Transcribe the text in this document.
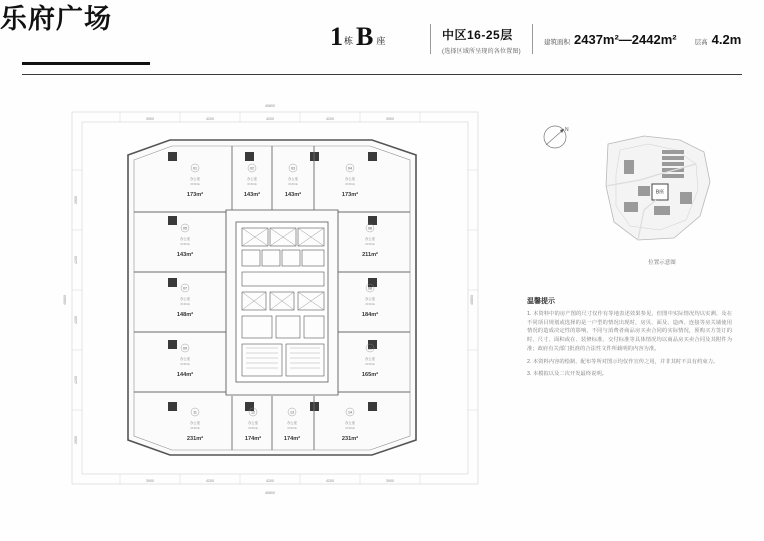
乐府广场
1 栋 B 座	中区16-25层
(选择区域所呈现的各位置图)
建筑面积 2437m²—2442m²	层高 4.2m
3900	4200	4200	4200	3900
40800
3900	4200	4200	4200	3900
40800
3900
4200
4200
4200
3900
40800	40800
01
办公室
OFFICE
173m²
02
办公室
OFFICE
143m²
03
办公室
OFFICE
143m²
04
办公室
OFFICE
173m²
05
办公室
OFFICE
143m²
06
办公室
OFFICE
211m²
07
办公室
OFFICE
148m²
08
办公室
OFFICE
184m²
09
办公室
OFFICE
144m²
10
办公室
OFFICE
165m²
11
办公室
OFFICE
231m²
12
办公室
OFFICE
174m²
13
办公室
OFFICE
174m²
14
办公室
OFFICE
231m²
N
B座
位置示意图
温馨提示

1. 本资料中的房产图的尺寸仅作有等地表述效果参见，但图中实际情况均以实测、及在不同项目规划或选择的是一户型的情况出现时，房贝、面及、造西、连接等房关墙使用情况的造成决定性的影响，不同与消费者商品房买卖合同的实际情况，预购买方签订的时，尺寸、面积或在、装修标准、交付标准等具体情况均以商品房买卖合同及其附件为准；政府有关部门批准的合法性文件所载明的内容为准。

2. 本资料内容的绘制、配布等所对图示均仅作宣传之用，并非其时不具有约束力。

3. 本模拟以及二次开发最终说明。
